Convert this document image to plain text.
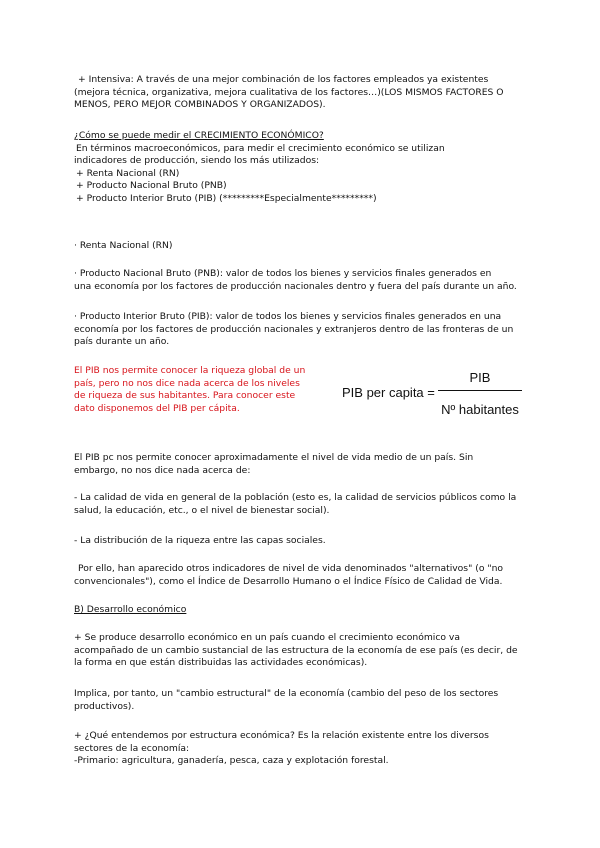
+ Intensiva: A través de una mejor combinación de los factores empleados ya existentes
(mejora técnica, organizativa, mejora cualitativa de los factores…)(LOS MISMOS FACTORES O
MENOS, PERO MEJOR COMBINADOS Y ORGANIZADOS).

¿Cómo se puede medir el CRECIMIENTO ECONÓMICO?
En términos macroeconómicos, para medir el crecimiento económico se utilizan
indicadores de producción, siendo los más utilizados:
+ Renta Nacional (RN)
+ Producto Nacional Bruto (PNB)
+ Producto Interior Bruto (PIB) (*********Especialmente*********)

· Renta Nacional (RN)

· Producto Nacional Bruto (PNB): valor de todos los bienes y servicios finales generados en
una economía por los factores de producción nacionales dentro y fuera del país durante un año.

· Producto Interior Bruto (PIB): valor de todos los bienes y servicios finales generados en una
economía por los factores de producción nacionales y extranjeros dentro de las fronteras de un
país durante un año.

El PIB nos permite conocer la riqueza global de un
país, pero no nos dice nada acerca de los niveles
de riqueza de sus habitantes. Para conocer este
dato disponemos del PIB per cápita.

PIB per capita =
PIB
Nº habitantes

El PIB pc nos permite conocer aproximadamente el nivel de vida medio de un país. Sin
embargo, no nos dice nada acerca de:

- La calidad de vida en general de la población (esto es, la calidad de servicios públicos como la
salud, la educación, etc., o el nivel de bienestar social).

- La distribución de la riqueza entre las capas sociales.

Por ello, han aparecido otros indicadores de nivel de vida denominados "alternativos" (o "no
convencionales"), como el Índice de Desarrollo Humano o el Índice Físico de Calidad de Vida.

B) Desarrollo económico

+ Se produce desarrollo económico en un país cuando el crecimiento económico va
acompañado de un cambio sustancial de las estructura de la economía de ese país (es decir, de
la forma en que están distribuidas las actividades económicas).

Implica, por tanto, un "cambio estructural" de la economía (cambio del peso de los sectores
productivos).

+ ¿Qué entendemos por estructura económica? Es la relación existente entre los diversos
sectores de la economía:
-Primario: agricultura, ganadería, pesca, caza y explotación forestal.
